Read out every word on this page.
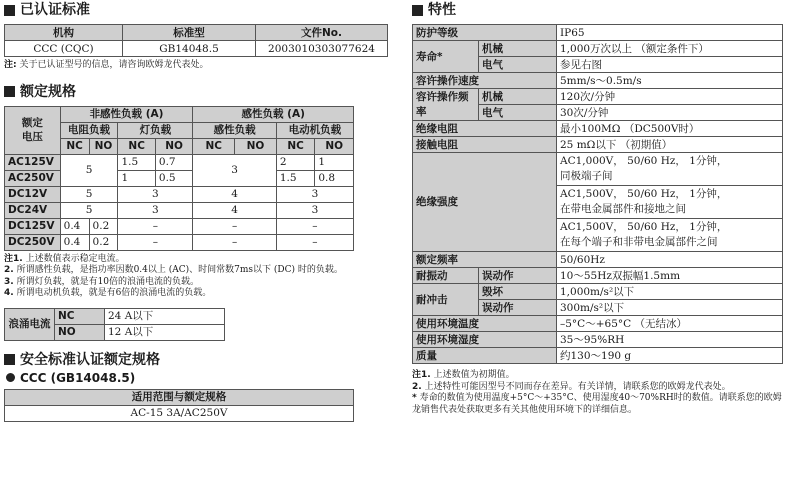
已认证标准
机构	标准型	文件No.
CCC (CQC)	GB14048.5	2003010303077624

注: 关于已认证型号的信息，请咨询欧姆龙代表处。

额定规格
额定
电压	非感性负载 (A)				感性负载 (A)			
	电阻负载		灯负载		感性负载		电动机负载	
	NC	NO	NC	NO	NC	NO	NC	NO
AC125V	5		1.5	0.7	3		2	1
AC250V			1	0.5			1.5	0.8
DC12V	5		3		4		3	
DC24V	5		3		4		3	
DC125V	0.4	0.2	–		–		–	
DC250V	0.4	0.2	–		–		–	

注1. 上述数值表示稳定电流。

2. 所谓感性负载，是指功率因数0.4以上 (AC)、时间常数7ms以下 (DC) 时的负载。

3. 所谓灯负载，就是有10倍的浪涌电流的负载。

4. 所谓电动机负载，就是有6倍的浪涌电流的负载。

浪涌电流	NC	24 A以下
	NO	12 A以下
安全标准认证额定规格
CCC (GB14048.5)
适用范围与额定规格
AC-15 3A/AC250V
特性
防护等级		IP65
寿命*	机械	1,000万次以上 （额定条件下）
	电气	参见右图
容许操作速度		5mm/s～0.5m/s
容许操作频率	机械	120次/分钟
	电气	30次/分钟
绝缘电阻		最小100MΩ （DC500V时）
接触电阻		25 mΩ以下 （初期值）
绝缘强度		AC1,000V， 50/60 Hz， 1分钟，
同极端子间
		AC1,500V， 50/60 Hz， 1分钟，
在带电金属部件和接地之间
		AC1,500V， 50/60 Hz， 1分钟，
在每个端子和非带电金属部件之间
额定频率		50/60Hz
耐振动	误动作	10～55Hz双振幅1.5mm
耐冲击	毁坏	1,000m/s²以下
	误动作	300m/s²以下
使用环境温度		–5°C～+65°C （无结冰）
使用环境湿度		35～95%RH
质量		约130～190 g

注1. 上述数值为初期值。

2. 上述特性可能因型号不同而存在差异。有关详情，请联系您的欧姆龙代表处。

* 寿命的数值为使用温度+5°C～+35°C、使用湿度40～70%RH时的数值。请联系您的欧姆龙销售代表处获取更多有关其他使用环境下的详细信息。
